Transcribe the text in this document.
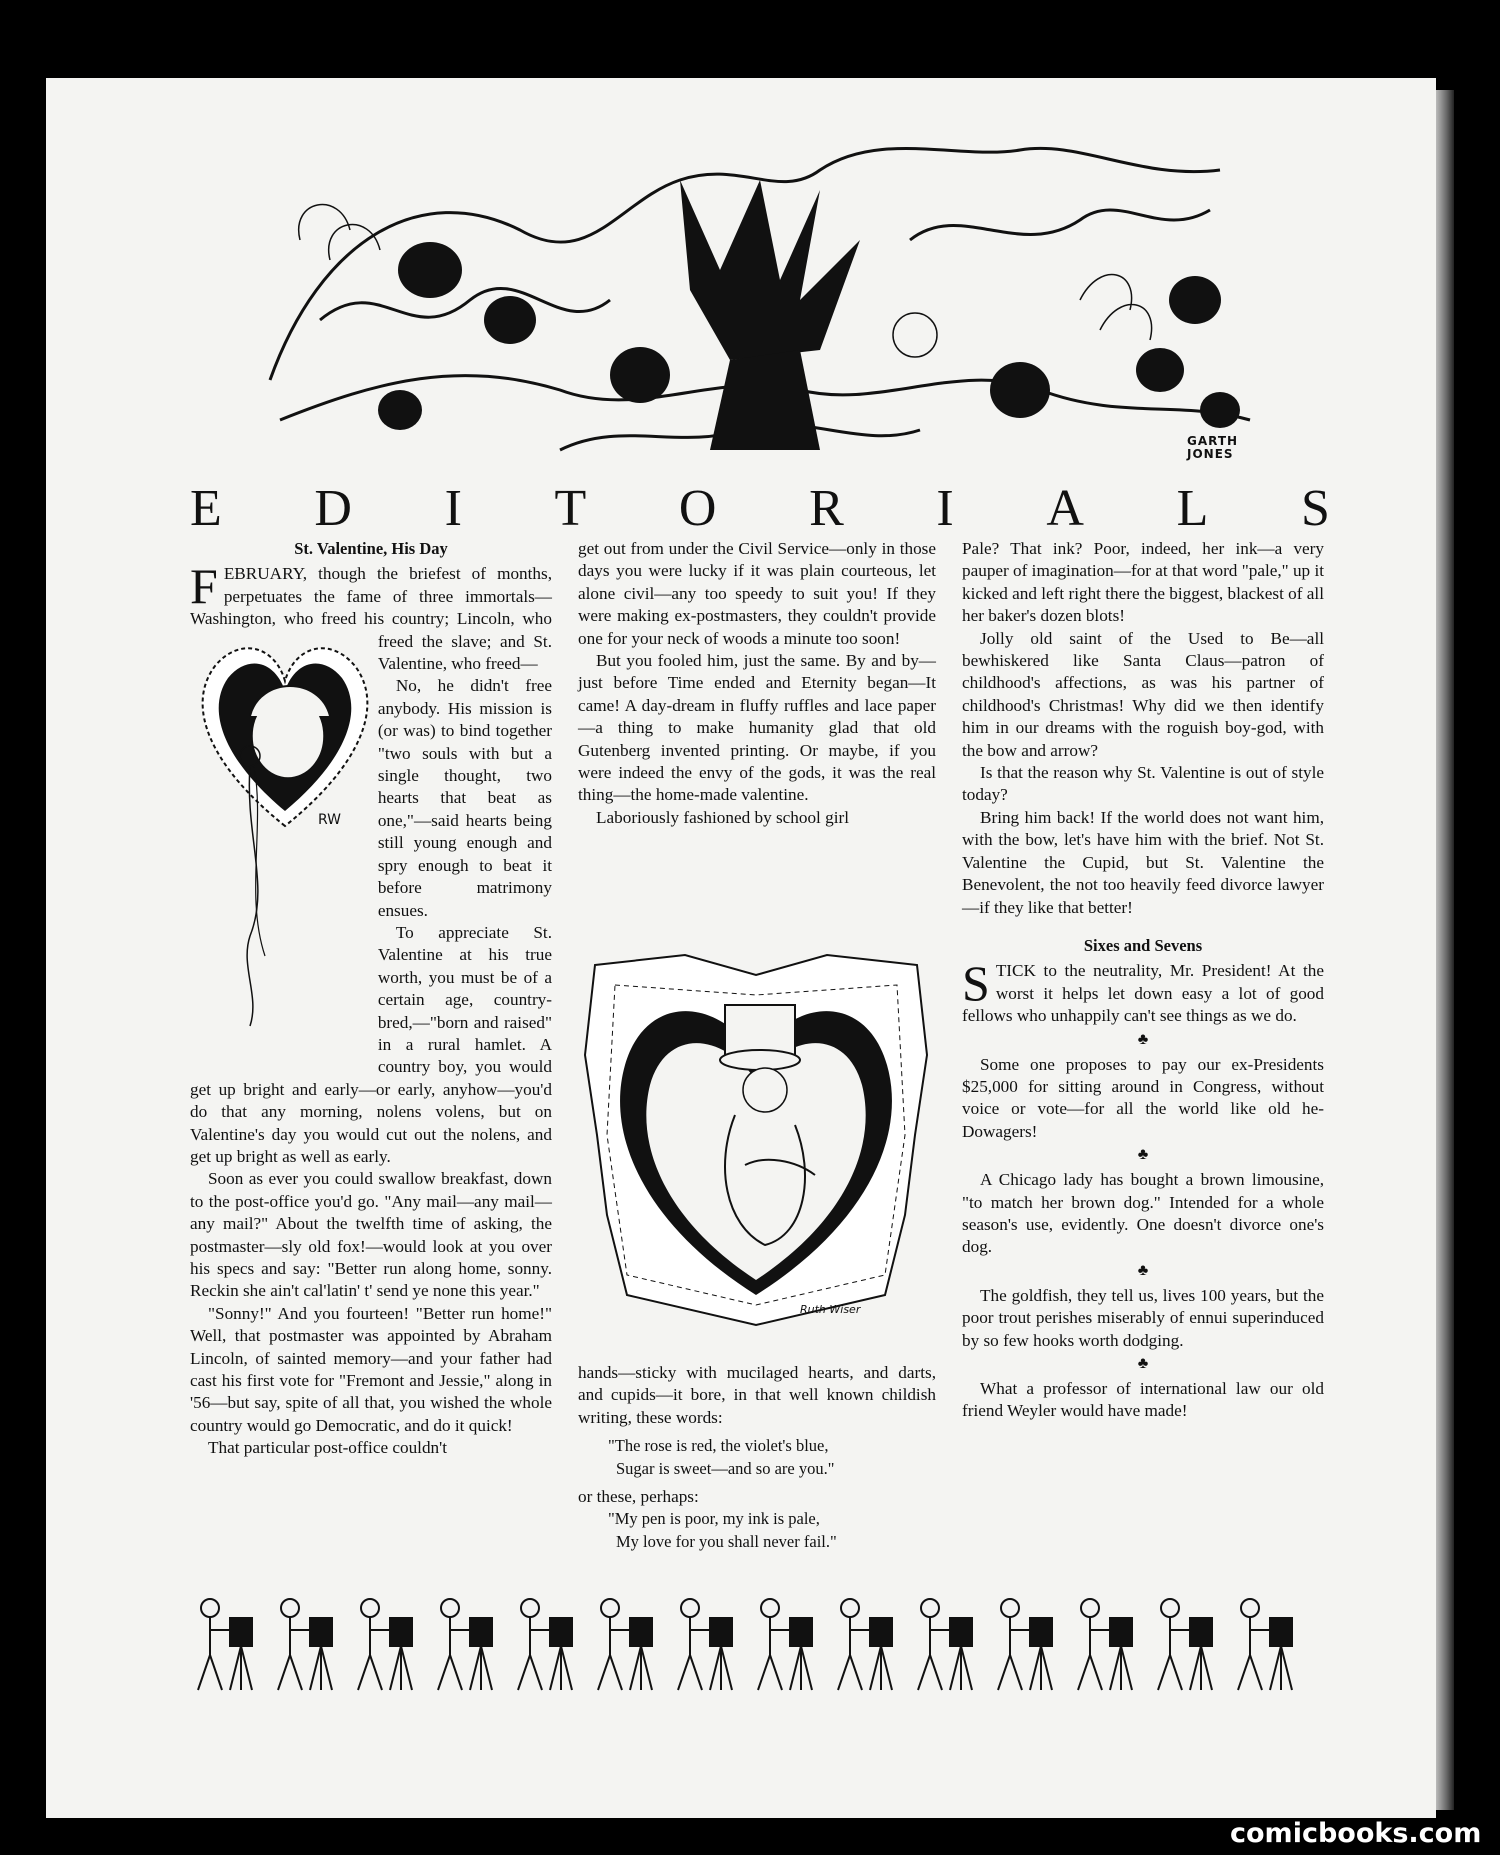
GARTH
JONES
E D I T O R I A L S

St. Valentine, His Day

FEBRUARY, though the briefest of months, perpetuates the fame of three immortals—Washington, who freed his country; Lincoln, who freed the slave; and St. Valentine, who freed—

No, he didn't free anybody. His mission is (or was) to bind together "two souls with but a single thought, two hearts that beat as one,"—said hearts being still young enough and spry enough to beat it before matrimony ensues.

To appreciate St. Valentine at his true worth, you must be of a certain age, country-bred,—"born and raised" in a rural hamlet. A country boy, you would get up bright and early—or early, anyhow—you'd do that any morning, nolens volens, but on Valentine's day you would cut out the nolens, and get up bright as well as early.

Soon as ever you could swallow breakfast, down to the post-office you'd go. "Any mail—any mail—any mail?" About the twelfth time of asking, the postmaster—sly old fox!—would look at you over his specs and say: "Better run along home, sonny. Reckin she ain't cal'latin' t' send ye none this year."

"Sonny!" And you fourteen! "Better run home!" Well, that postmaster was appointed by Abraham Lincoln, of sainted memory—and your father had cast his first vote for "Fremont and Jessie," along in '56—but say, spite of all that, you wished the whole country would go Democratic, and do it quick!

That particular post-office couldn't

RW

get out from under the Civil Service—only in those days you were lucky if it was plain courteous, let alone civil—any too speedy to suit you! If they were making ex-postmasters, they couldn't provide one for your neck of woods a minute too soon!

But you fooled him, just the same. By and by—just before Time ended and Eternity began—It came! A day-dream in fluffy ruffles and lace paper—a thing to make humanity glad that old Gutenberg invented printing. Or maybe, if you were indeed the envy of the gods, it was the real thing—the home-made valentine.

Laboriously fashioned by school girl

Ruth Wiser

hands—sticky with mucilaged hearts, and darts, and cupids—it bore, in that well known childish writing, these words:

"The rose is red, the violet's blue,
Sugar is sweet—and so are you."

or these, perhaps:

"My pen is poor, my ink is pale,
My love for you shall never fail."

Pale? That ink? Poor, indeed, her ink—a very pauper of imagination—for at that word "pale," up it kicked and left right there the biggest, blackest of all her baker's dozen blots!

Jolly old saint of the Used to Be—all bewhiskered like Santa Claus—patron of childhood's affections, as was his partner of childhood's Christmas! Why did we then identify him in our dreams with the roguish boy-god, with the bow and arrow?

Is that the reason why St. Valentine is out of style today?

Bring him back! If the world does not want him, with the bow, let's have him with the brief. Not St. Valentine the Cupid, but St. Valentine the Benevolent, the not too heavily feed divorce lawyer—if they like that better!

Sixes and Sevens

STICK to the neutrality, Mr. President! At the worst it helps let down easy a lot of good fellows who unhappily can't see things as we do.

♣

Some one proposes to pay our ex-Presidents $25,000 for sitting around in Congress, without voice or vote—for all the world like old he-Dowagers!

♣

A Chicago lady has bought a brown limousine, "to match her brown dog." Intended for a whole season's use, evidently. One doesn't divorce one's dog.

♣

The goldfish, they tell us, lives 100 years, but the poor trout perishes miserably of ennui superinduced by so few hooks worth dodging.

♣

What a professor of international law our old friend Weyler would have made!

comicbooks.com
